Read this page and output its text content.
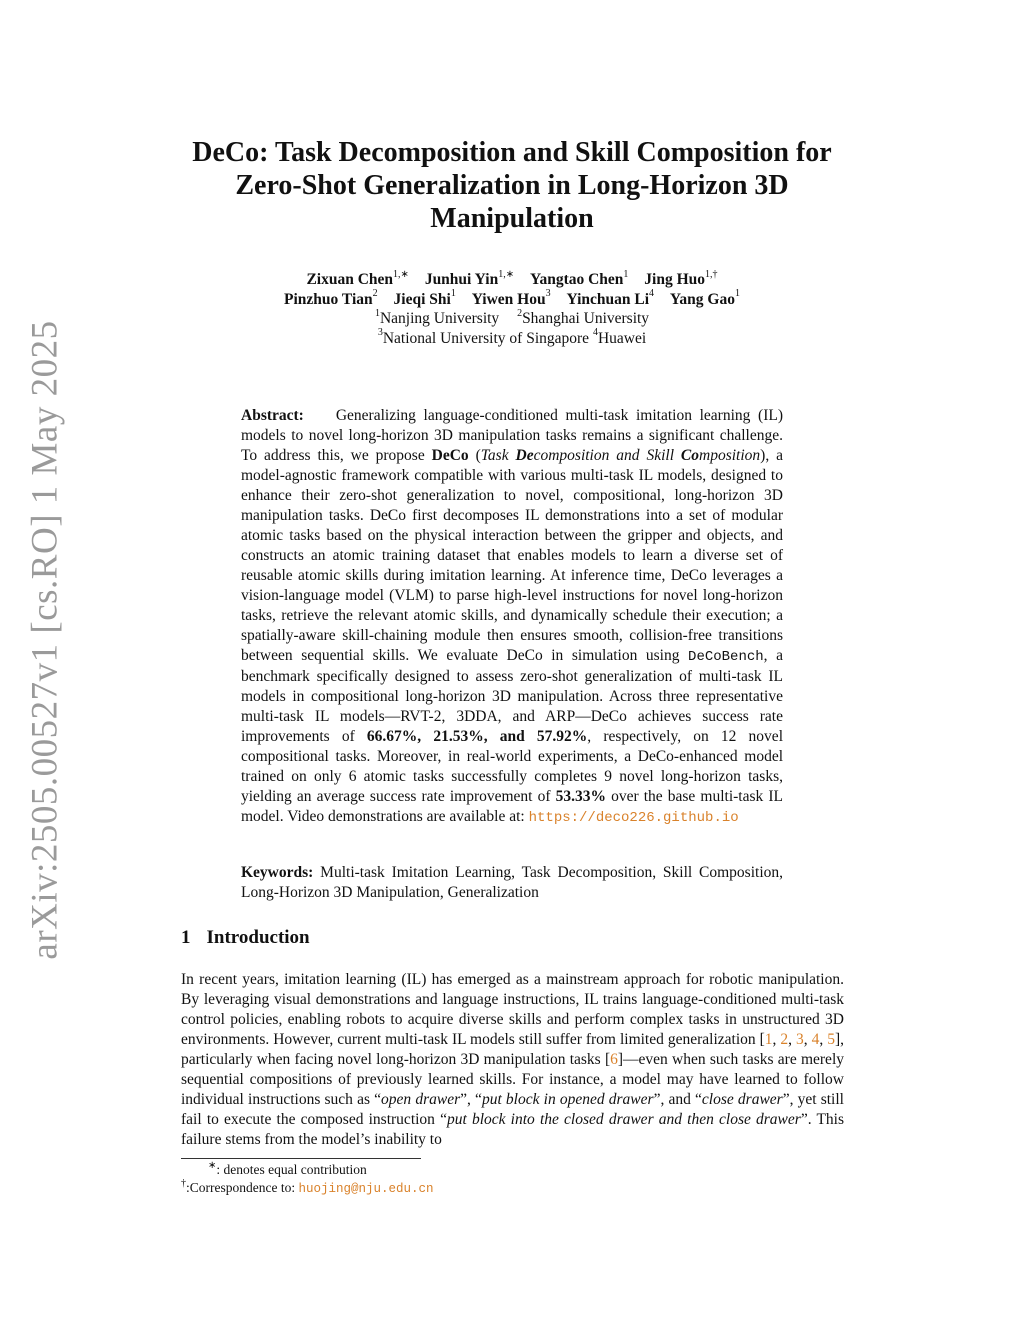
arXiv:2505.00527v1 [cs.RO] 1 May 2025
DeCo: Task Decomposition and Skill Composition for
Zero-Shot Generalization in Long-Horizon 3D
Manipulation
Zixuan Chen$^{1,∗}$ Junhui Yin$^{1,∗}$ Yangtao Chen$^1$ Jing Huo$^{1,\dagger}$
Pinzhuo Tian$^2$ Jieqi Shi$^1$ Yiwen Hou$^3$ Yinchuan Li$^4$ Yang Gao$^1$
$^1$Nanjing University $^2$Shanghai University
$^3$National University of Singapore $^4$Huawei
Abstract: Generalizing language-conditioned multi-task imitation learning (IL) models to novel long-horizon 3D manipulation tasks remains a significant challenge. To address this, we propose DeCo (Task Decomposition and Skill Composition), a model-agnostic framework compatible with various multi-task IL models, designed to enhance their zero-shot generalization to novel, compositional, long-horizon 3D manipulation tasks. DeCo first decomposes IL demonstrations into a set of modular atomic tasks based on the physical interaction between the gripper and objects, and constructs an atomic training dataset that enables models to learn a diverse set of reusable atomic skills during imitation learning. At inference time, DeCo leverages a vision-language model (VLM) to parse high-level instructions for novel long-horizon tasks, retrieve the relevant atomic skills, and dynamically schedule their execution; a spatially-aware skill-chaining module then ensures smooth, collision-free transitions between sequential skills. We evaluate DeCo in simulation using DeCoBench, a benchmark specifically designed to assess zero-shot generalization of multi-task IL models in compositional long-horizon 3D manipulation. Across three representative multi-task IL models—RVT-2, 3DDA, and ARP—DeCo achieves success rate improvements of 66.67%, 21.53%, and 57.92%, respectively, on 12 novel compositional tasks. Moreover, in real-world experiments, a DeCo-enhanced model trained on only 6 atomic tasks successfully completes 9 novel long-horizon tasks, yielding an average success rate improvement of 53.33% over the base multi-task IL model. Video demonstrations are available at: https://deco226.github.io
Keywords: Multi-task Imitation Learning, Task Decomposition, Skill Composition, Long-Horizon 3D Manipulation, Generalization
1 Introduction
In recent years, imitation learning (IL) has emerged as a mainstream approach for robotic manipulation. By leveraging visual demonstrations and language instructions, IL trains language-conditioned multi-task control policies, enabling robots to acquire diverse skills and perform complex tasks in unstructured 3D environments. However, current multi-task IL models still suffer from limited generalization [1, 2, 3, 4, 5], particularly when facing novel long-horizon 3D manipulation tasks [6]—even when such tasks are merely sequential compositions of previously learned skills. For instance, a model may have learned to follow individual instructions such as “open drawer”, “put block in opened drawer”, and “close drawer”, yet still fail to execute the composed instruction “put block into the closed drawer and then close drawer”. This failure stems from the model’s inability to
∗: denotes equal contribution
†:Correspondence to: huojing@nju.edu.cn
